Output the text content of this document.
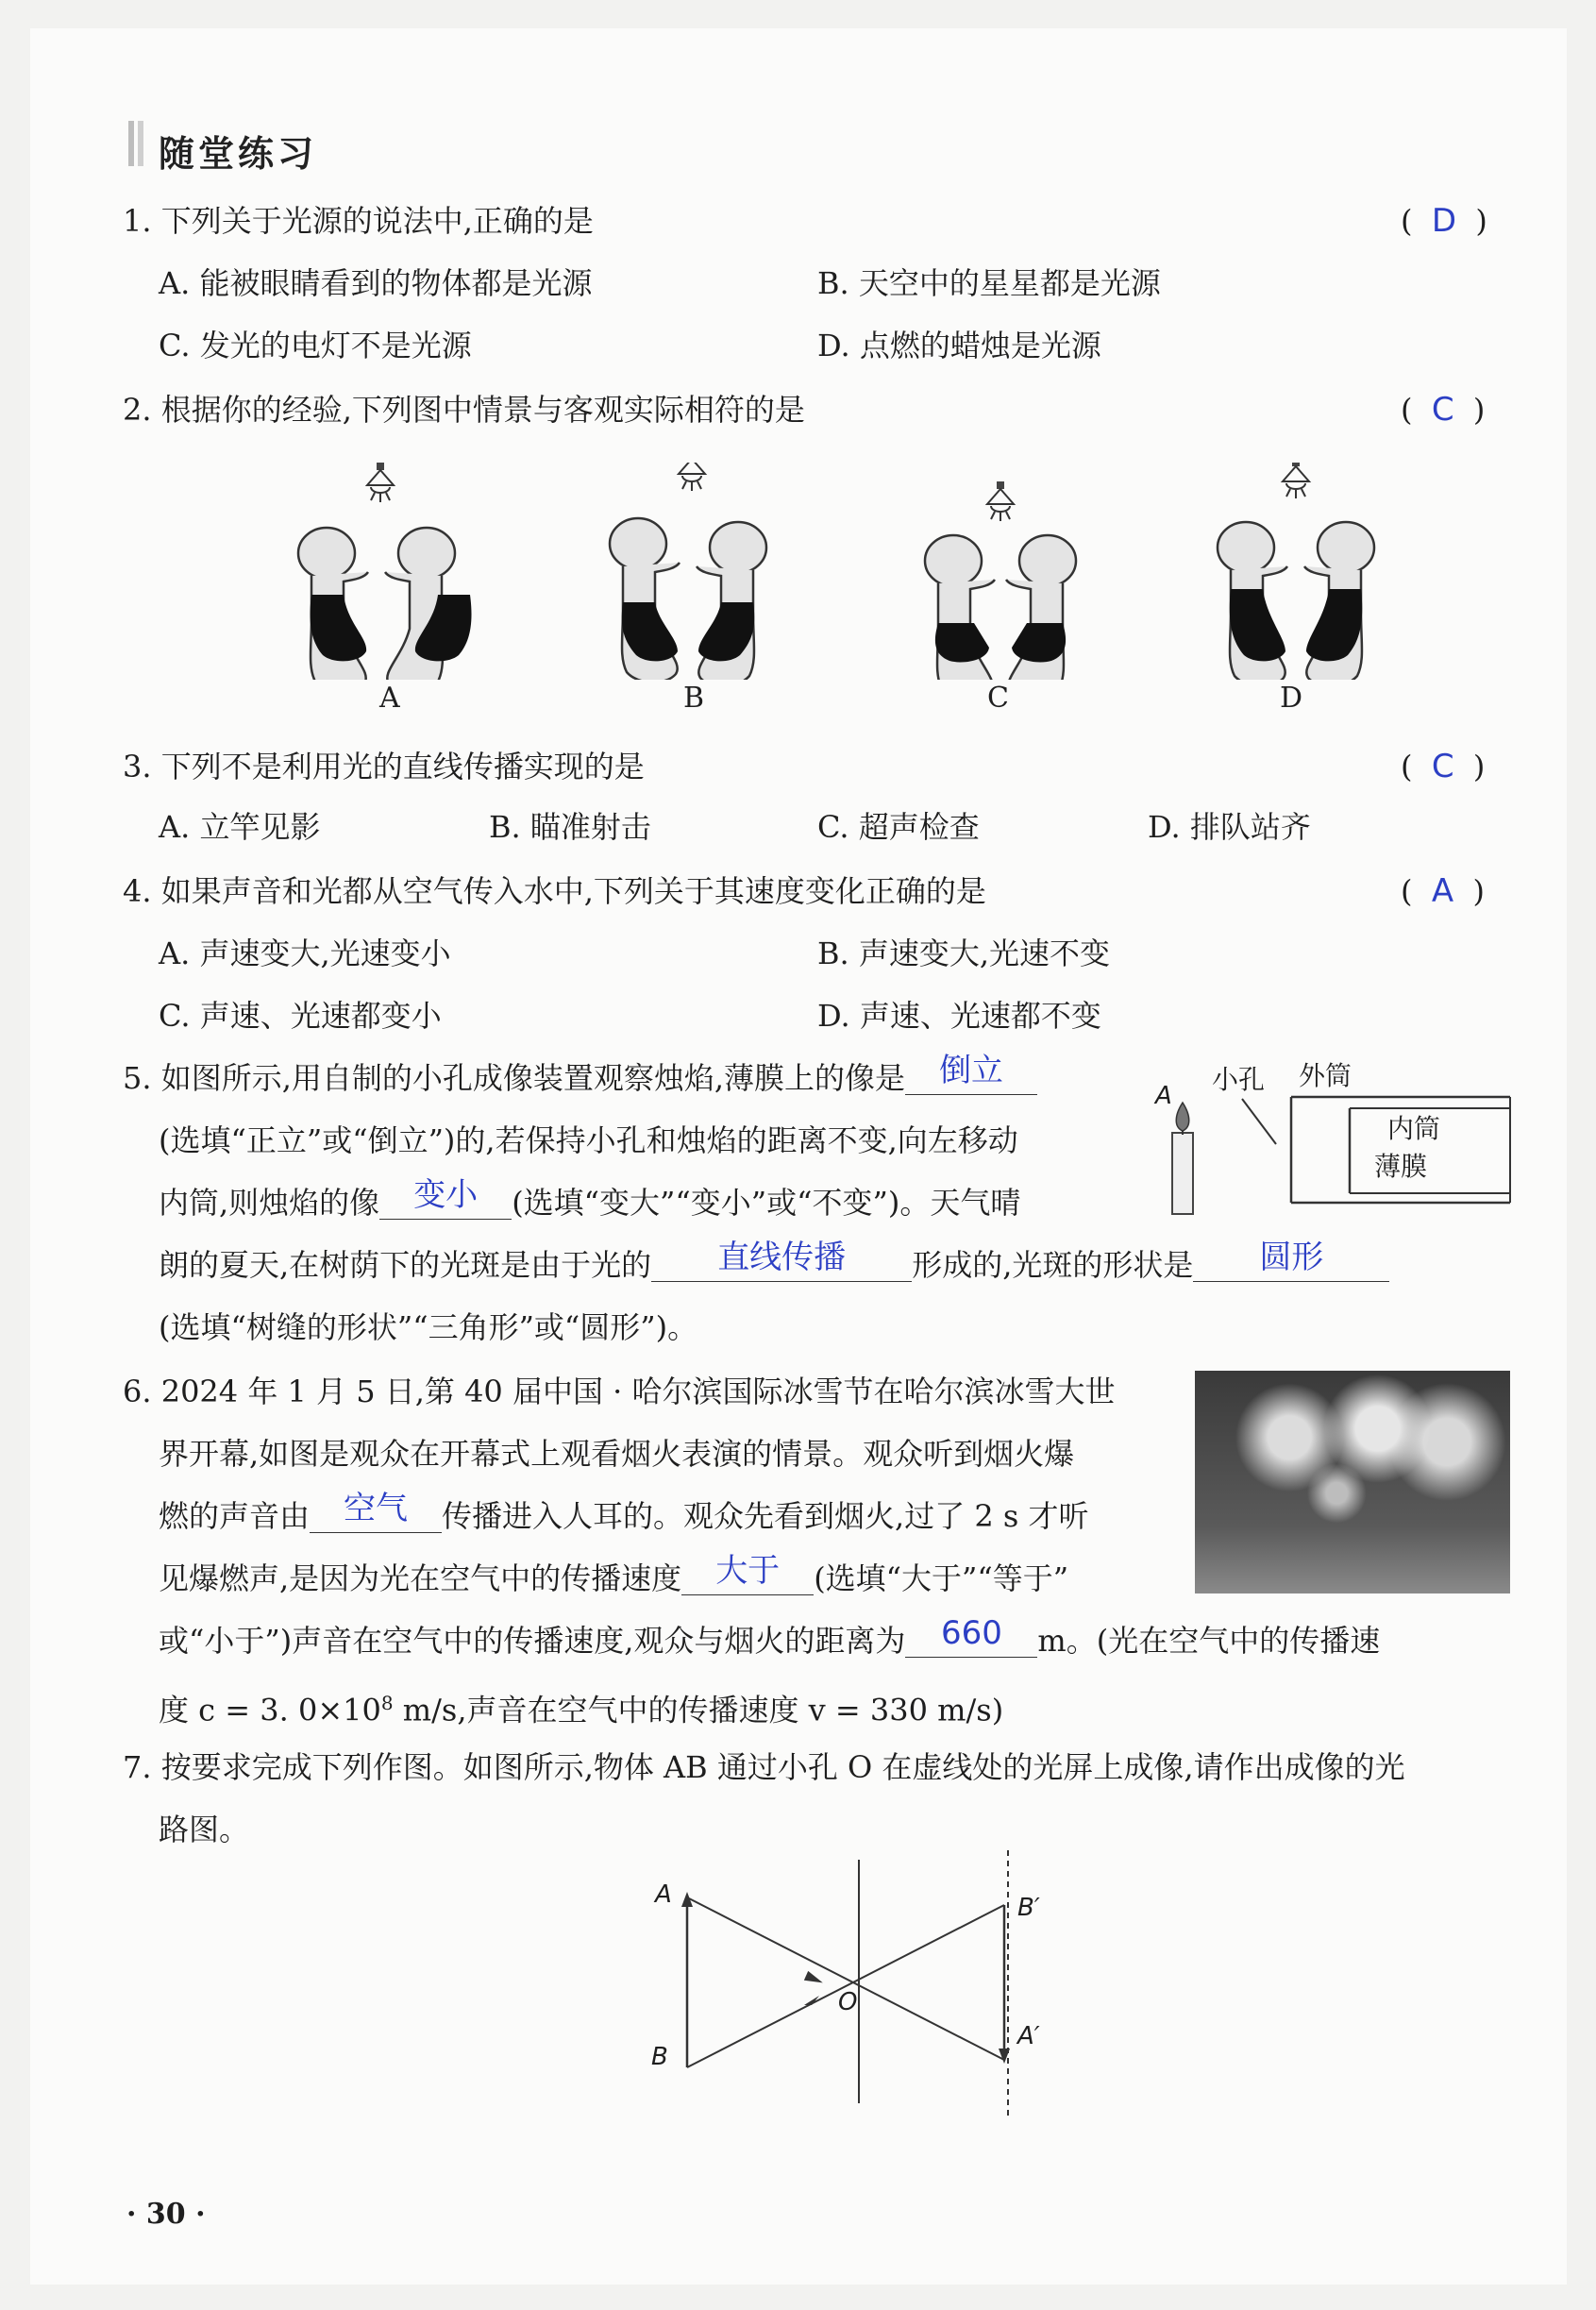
随堂练习
1. 下列关于光源的说法中,正确的是	(  D  )
A. 能被眼睛看到的物体都是光源	B. 天空中的星星都是光源
C. 发光的电灯不是光源	D. 点燃的蜡烛是光源
2. 根据你的经验,下列图中情景与客观实际相符的是	(  C  )
A	B	C	D
3. 下列不是利用光的直线传播实现的是	(  C  )
A. 立竿见影	B. 瞄准射击	C. 超声检查	D. 排队站齐
4. 如果声音和光都从空气传入水中,下列关于其速度变化正确的是	(  A  )
A. 声速变大,光速变小	B. 声速变大,光速不变
C. 声速、光速都变小	D. 声速、光速都不变
5. 如图所示,用自制的小孔成像装置观察烛焰,薄膜上的像是 倒立
(选填“正立”或“倒立”)的,若保持小孔和烛焰的距离不变,向左移动
内筒,则烛焰的像 变小 (选填“变大”“变小”或“不变”)。天气晴
朗的夏天,在树荫下的光斑是由于光的 直线传播 形成的,光斑的形状是 圆形
(选填“树缝的形状”“三角形”或“圆形”)。
A
小孔 外筒
内筒
薄膜
6. 2024 年 1 月 5 日,第 40 届中国 · 哈尔滨国际冰雪节在哈尔滨冰雪大世
界开幕,如图是观众在开幕式上观看烟火表演的情景。观众听到烟火爆
燃的声音由 空气 传播进入人耳的。观众先看到烟火,过了 2 s 才听
见爆燃声,是因为光在空气中的传播速度 大于 (选填“大于”“等于”
或“小于”)声音在空气中的传播速度,观众与烟火的距离为 660 m。(光在空气中的传播速
度 c = 3. $0\times 10^8$ m/s,声音在空气中的传播速度 v = 330 m/s)
7. 按要求完成下列作图。如图所示,物体 AB 通过小孔 O 在虚线处的光屏上成像,请作出成像的光
路图。
A
B
O
B′
A′
· 30 ·
